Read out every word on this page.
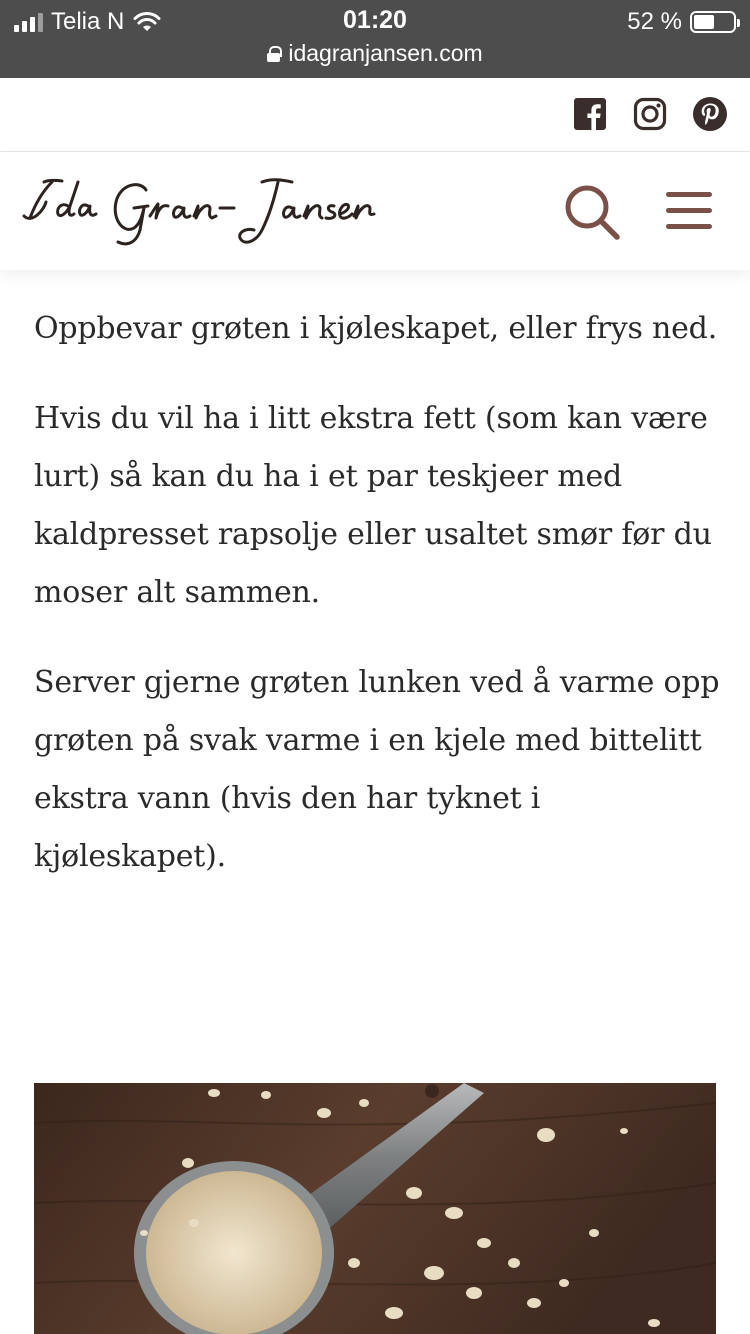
Telia N	01:20	52 %
idagranjansen.com

Oppbevar grøten i kjøleskapet, eller frys ned.

Hvis du vil ha i litt ekstra fett (som kan være lurt) så kan du ha i et par teskjeer med kaldpresset rapsolje eller usaltet smør før du moser alt sammen.

Server gjerne grøten lunken ved å varme opp grøten på svak varme i en kjele med bittelitt ekstra vann (hvis den har tyknet i kjøleskapet).
